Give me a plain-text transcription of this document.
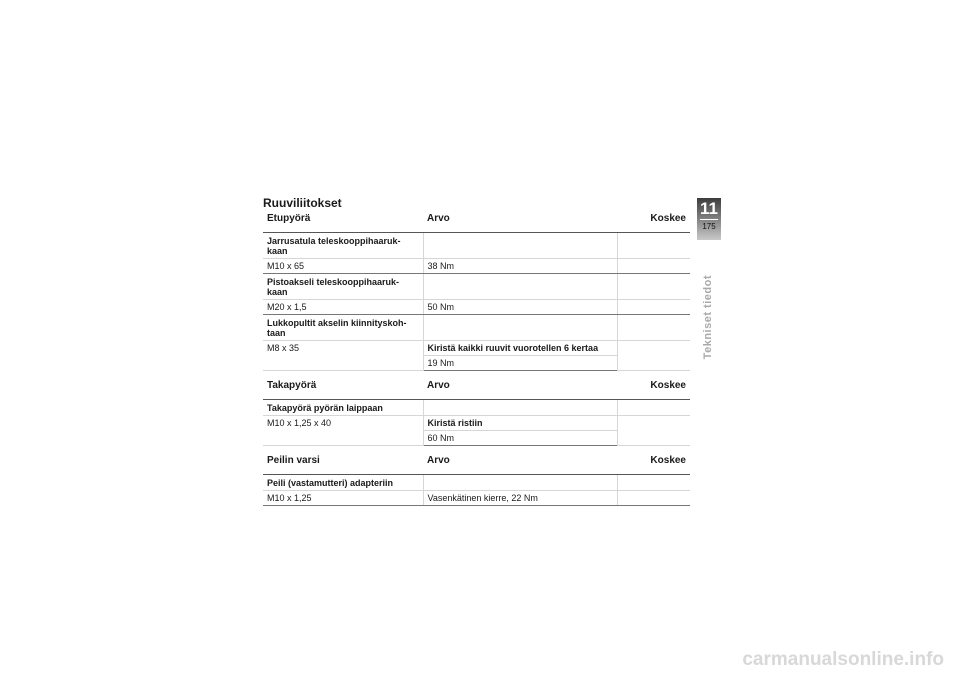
Ruuviliitokset
Etupyörä	Arvo	Koskee
Jarrusatula teleskooppihaaruk-kaan		
M10 x 65	38 Nm	
Pistoakseli teleskooppihaaruk-kaan		
M20 x 1,5	50 Nm	
Lukkopultit akselin kiinnityskoh-taan		
M8 x 35	Kiristä kaikki ruuvit vuorotellen 6 kertaa	
	19 Nm	
Takapyörä	Arvo	Koskee
Takapyörä pyörän laippaan		
M10 x 1,25 x 40	Kiristä ristiin	
	60 Nm	
Peilin varsi	Arvo	Koskee
Peili (vastamutteri) adapteriin		
M10 x 1,25	Vasenkätinen kierre, 22 Nm	
11
175

Tekniset tiedot

carmanualsonline.info
